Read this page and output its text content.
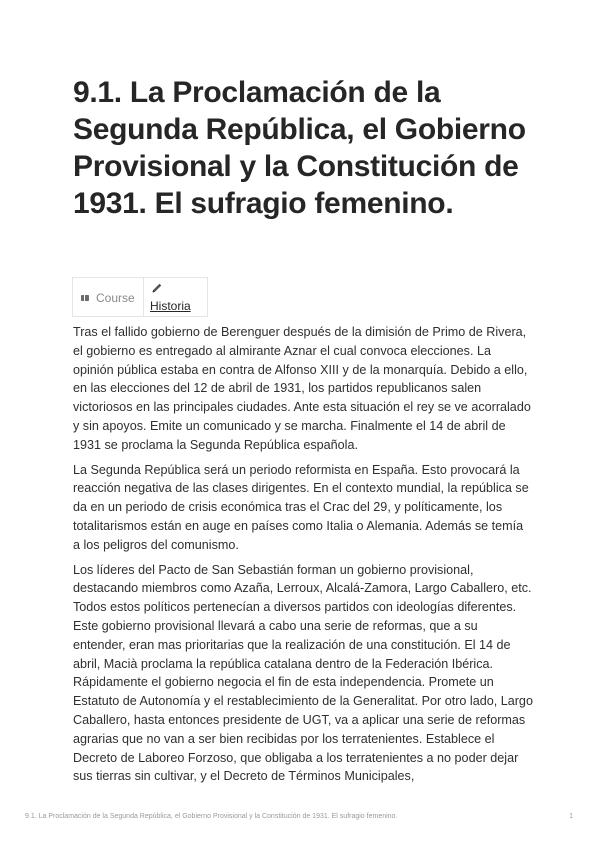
9.1. La Proclamación de la Segunda República, el Gobierno Provisional y la Constitución de 1931. El sufragio femenino.
Course
Historia

Tras el fallido gobierno de Berenguer después de la dimisión de Primo de Rivera, el gobierno es entregado al almirante Aznar el cual convoca elecciones. La opinión pública estaba en contra de Alfonso XIII y de la monarquía. Debido a ello, en las elecciones del 12 de abril de 1931, los partidos republicanos salen victoriosos en las principales ciudades. Ante esta situación el rey se ve acorralado y sin apoyos. Emite un comunicado y se marcha. Finalmente el 14 de abril de 1931 se proclama la Segunda República española.

La Segunda República será un periodo reformista en España. Esto provocará la reacción negativa de las clases dirigentes. En el contexto mundial, la república se da en un periodo de crisis económica tras el Crac del 29, y políticamente, los totalitarismos están en auge en países como Italia o Alemania. Además se temía a los peligros del comunismo.

Los líderes del Pacto de San Sebastián forman un gobierno provisional, destacando miembros como Azaña, Lerroux, Alcalá-Zamora, Largo Caballero, etc. Todos estos políticos pertenecían a diversos partidos con ideologías diferentes. Este gobierno provisional llevará a cabo una serie de reformas, que a su entender, eran mas prioritarias que la realización de una constitución. El 14 de abril, Macià proclama la república catalana dentro de la Federación Ibérica. Rápidamente el gobierno negocia el fin de esta independencia. Promete un Estatuto de Autonomía y el restablecimiento de la Generalitat. Por otro lado, Largo Caballero, hasta entonces presidente de UGT, va a aplicar una serie de reformas agrarias que no van a ser bien recibidas por los terratenientes. Establece el Decreto de Laboreo Forzoso, que obligaba a los terratenientes a no poder dejar sus tierras sin cultivar, y el Decreto de Términos Municipales,

9.1. La Proclamación de la Segunda República, el Gobierno Provisional y la Constitución de 1931. El sufragio femenino.	1
